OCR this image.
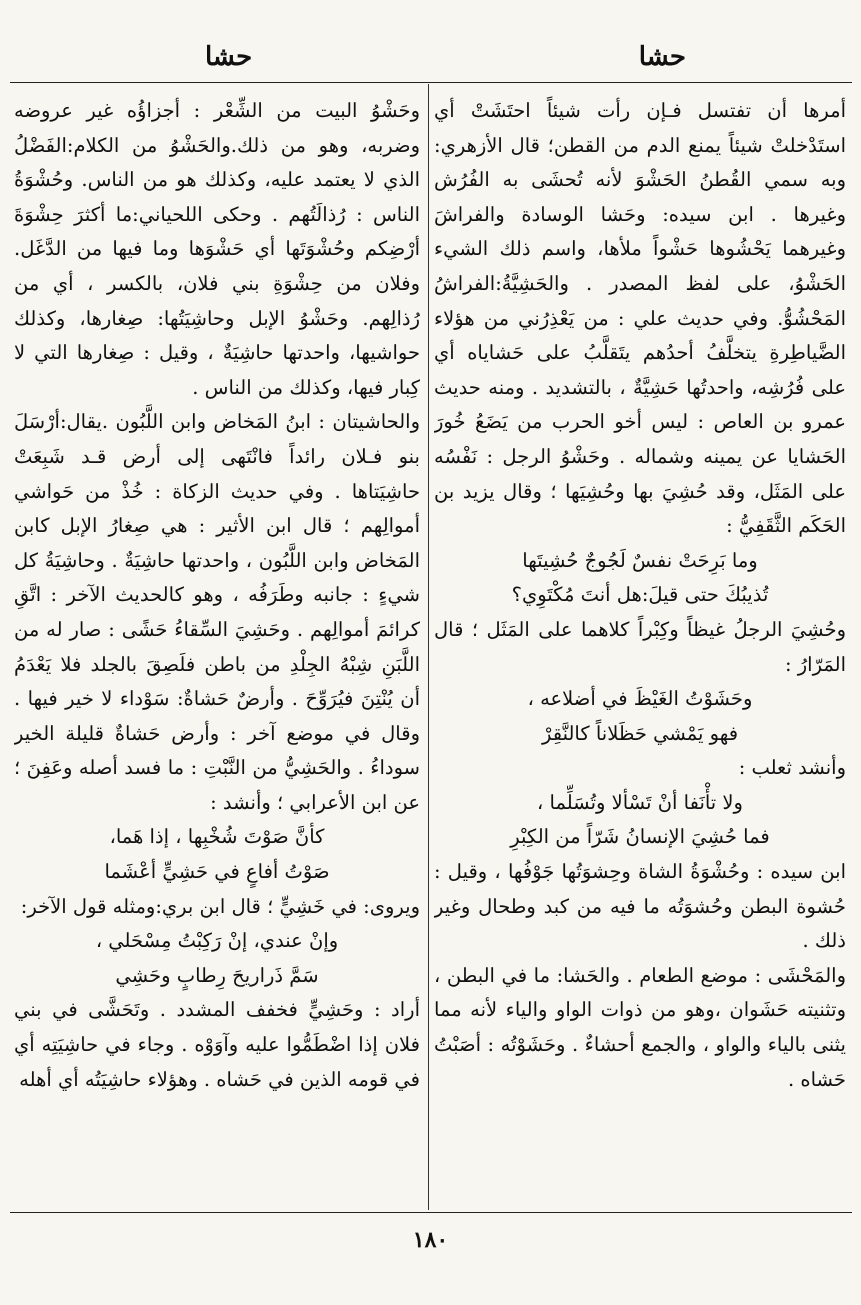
حشا
حشا

أمرها أن تفتسل فـإن رأت شيئاً احتَشَتْ أي استَدْخلتْ شيئاً يمنع الدم من القطن؛ قال الأزهري: وبه سمي القُطنُ الحَشْوَ لأنه تُحشَى به الفُرُش وغيرها . ابن سيده: وحَشا الوسادة والفراشَ وغيرهما يَحْشُوها حَشْواً ملأها، واسم ذلك الشيء الحَشْوُ، على لفظ المصدر . والحَشِيَّةُ:الفراشُ المَحْشُوُّ. وفي حديث علي : من يَعْذِرُني من هؤلاء الضَّياطِرةِ يتخلَّفُ أحدُهم يتَقلَّبُ على حَشاياه أي على فُرُشِه، واحدتُها حَشِيَّةٌ ، بالتشديد . ومنه حديث عمرو بن العاص : ليس أخو الحرب من يَضَعُ خُورَ الحَشايا عن يمينه وشماله . وحَشْوُ الرجل : نَفْسُه على المَثَل، وقد حُشِيَ بها وحُشِيَها ؛ وقال يزيد بن الحَكَم الثَّقَفِيُّ :

وما بَرِحَتْ نفسٌ لَجُوجٌ حُشِيتَها

تُذيبُكَ حتى قيلَ:هل أنتَ مُكْتَوِي؟

وحُشِيَ الرجلُ غيظاً وكِبْراً كلاهما على المَثَل ؛ قال المَرّارُ :

وحَشَوْتُ الغَيْظَ في أضلاعه ،

فهو يَمْشي حَظَلاناً كالنَّقِرْ

وأنشد ثعلب :

ولا تأْنَفا أنْ تَسْألا وتُسَلِّما ،

فما حُشِيَ الإنسانُ شَرّاً من الكِبْرِ

ابن سيده : وحُشْوَةُ الشاة وحِشوَتُها جَوْفُها ، وقيل : حُشوة البطن وحُشوَتُه ما فيه من كبد وطحال وغير ذلك .

والمَحْشَى : موضع الطعام . والحَشا: ما في البطن ، وتثنيته حَشَوان ،وهو من ذوات الواو والياء لأنه مما يثنى بالياء والواو ، والجمع أحشاءٌ . وحَشَوْتُه : أصَبْتُ حَشاه .

وحَشْوُ البيت من الشِّعْر : أجزاؤُه غير عروضه وضربه، وهو من ذلك.والحَشْوُ من الكلام:الفَضْلُ الذي لا يعتمد عليه، وكذلك هو من الناس. وحُشْوَةُ الناس : رُذالَتُهم . وحكى اللحياني:ما أكثرَ حِشْوَةَ أرْضِكم وحُشْوَتَها أي حَشْوَها وما فيها من الدَّغَل. وفلان من حِشْوَةِ بني فلان، بالكسر ، أي من رُذالِهم. وحَشْوُ الإبل وحاشِيَتُها: صِغارها، وكذلك حواشيها، واحدتها حاشِيَةٌ ، وقيل : صِغارها التي لا كِبار فيها، وكذلك من الناس .

والحاشيتان : ابنُ المَخاض وابن اللَّبُون .يقال:أرْسَلَ بنو فـلان رائداً فانْتَهى إلى أرض قـد شَبِعَتْ حاشِيَتاها . وفي حديث الزكاة : خُذْ من حَواشي أموالِهم ؛ قال ابن الأثير : هي صِغارُ الإبل كابن المَخاض وابن اللَّبُون ، واحدتها حاشِيَةٌ . وحاشِيَةُ كل شيءٍ : جانبه وطَرَفُه ، وهو كالحديث الآخر : اتَّقِ كرائمَ أموالِهم . وحَشِيَ السِّقاءُ حَشًى : صار له من اللَّبَنِ شِبْهُ الجِلْدِ من باطن فلَصِقَ بالجلد فلا يَعْدَمُ أن يُنْتِنَ فيُرَوِّحَ . وأرضٌ حَشاةٌ: سَوْداء لا خير فيها . وقال في موضع آخر : وأرض حَشاةٌ قليلة الخير سوداءُ . والحَشِيُّ من النَّبْتِ : ما فسد أصله وعَفِنَ ؛ عن ابن الأعرابي ؛ وأنشد :

كأنَّ صَوْتَ شُخْبِها ، إذا هَما،

صَوْتُ أفاعٍ في حَشِيٍّ أعْشَما

ويروى: في خَشِيٍّ ؛ قال ابن بري:ومثله قول الآخر:

وإنْ عندي، إنْ رَكِبْتُ مِسْحَلي ،

سَمَّ ذَراريحَ رِطابٍ وحَشِي

أراد : وحَشِيٍّ فخفف المشدد . وتَحَشَّى في بني فلان إذا اضْطَمُّوا عليه وآوَوْه . وجاء في حاشِيَتِه أي في قومه الذين في حَشاه . وهؤلاء حاشِيَتُه أي أهله

١٨٠
